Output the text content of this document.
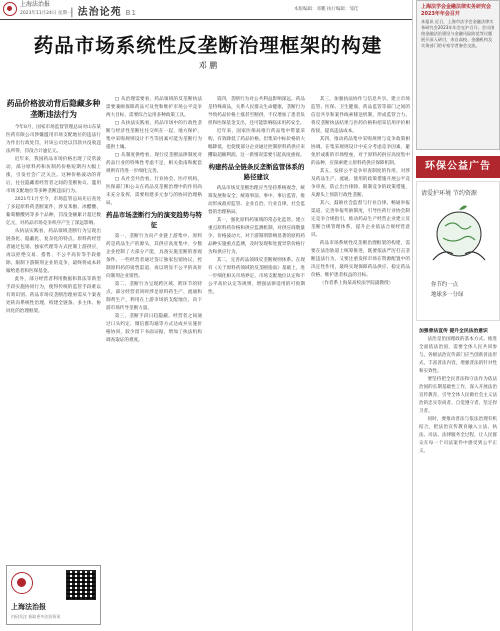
上海法治报
2023年11月24日 星期一
| 法治论苑 B1	本版编辑：邓鹏 执行编辑：邹佳
药品市场系统性反垄断治理框架的构建
邓 鹏
药品价格波动背后隐藏多种垄断违法行为

今年8月，国家市场监督管理总局对山东某医药有限公司涉嫌滥用市场支配地位的违法行为作出行政处罚，对该公司处以罚款并没收违法所得，罚没合计逾亿元。

近年来，我国药品市场价格出现了反常波动，部分原料药和仿制药价格短期内大幅上涨，引发社会广泛关注。这种价格波动的背后，往往隐藏着经营者之间的垄断协议、滥用市场支配地位等多种垄断违法行为。

2021年1月至今，市场监管总局先后查处了多起原料药垄断案件，涉及苯酚、冰醋酸、葡萄糖酸钙等多个品种，罚没金额累计超过数亿元，对药品市场竞争秩序产生了深远影响。

从执法实践看，药品领域垄断行为呈现出链条化、隐蔽化、复杂化的特点。原料药经营者通过包销、独家代理等方式控制上游供应，再以拒绝交易、搭售、不公平高价等手段排除、限制下游制剂企业的竞争，最终将成本转嫁给患者和医保基金。

此外，部分经营者利用数据和算法等新型手段实施协同行为，使得传统的监管手段难以有效识别。药品市场反垄断治理亟需从个案查处转向系统性治理，构建全链条、多主体、协同化的治理框架。

上海法治报
扫码关注 获取更多法治资讯

□ 从治理需要看，药品领域的反垄断执法需要兼顾保障药品可及性和维护市场公平竞争两大目标，需要综合运用多种政策工具。

□ 从执法实践看，药品市场中的行政性垄断与经济性垄断往往交织在一起，地方保护、集中采购规则设计不当等因素可能为垄断行为提供土壤。

□ 从制度供给看，现行反垄断法律制度对药品行业的特殊性考虑不足，相关指南和配套规则有待进一步细化完善。

□ 从社会共治看，行业协会、医疗机构、医保部门和公众在药品反垄断治理中的作用尚未充分发挥，需要构建多元参与的协同治理格局。

药品市场垄断行为的演变趋势与特征

第一，垄断行为向产业链上游集中。原料药是药品生产的源头，其供应高度集中，少数企业控制了大部分产能，具备实施垄断的客观条件。一些经营者通过签订独家包销协议，控制原料药的销售渠道，再以明显不公平的高价向制剂企业销售。

第二，垄断行为呈现跨区域、跨环节的特点。部分经营者同时涉足原料药生产、流通和制剂生产，利用在上游市场的支配地位，向下游市场传导垄断力量。

第三，垄断手段日趋隐蔽。经营者之间通过口头约定、微信群沟通等方式达成并实施价格协同，较少留下书面证据，增加了执法机构调查取证的难度。

第四，垄断行为对公共利益影响深远。药品是特殊商品，关系人民群众生命健康，垄断行为导致药品价格上涨甚至断供，不仅增加了患者负担和医保基金支出，还可能影响临床用药安全。

近年来，国家医保局推行药品集中带量采购，有效降低了药品价格。但集采中标价格的大幅降低，也促使部分企业通过控制原料药供应来攫取超额利润，这一新情况需要引起高度重视。

构建药品全链条反垄断监管体系的路径建议

药品市场反垄断治理应当坚持系统观念，统筹发展和安全，统筹事前、事中、事后监管，推动形成政府监管、企业自治、行业自律、社会监督的治理格局。

其一，强化原料药领域的常态化监管。建立重点原料药价格和供应监测机制，对供应商数量少、价格波动大、对下游制剂影响显著的原料药品种实施重点监测，及时发现和处置异常价格行为和供应行为。

其二，完善药品领域反垄断规则体系。在现有《关于原料药领域的反垄断指南》基础上，进一步细化相关市场界定、市场支配地位认定和不公平高价认定等规则，增强法律适用的可预期性。

其三，加强执法协作与信息共享。建立市场监管、医保、卫生健康、药品监管等部门之间的信息共享和案件线索移送机制，形成监管合力。将反垄断执法结果与医药价格和招采信用评价相衔接，提高违法成本。

其四，推动药品集中采购规则与竞争政策相协调。在集采规则设计中充分考虑竞争因素，避免形成新的市场壁垒，对于原料药供应高度集中的品种，应探索建立原料药供应保障机制。

其五，发挥公平竞争审查制度的作用。对涉及药品生产、流通、使用的政策措施开展公平竞争审查，防止出台排除、限制竞争的政策措施，从源头上预防行政性垄断。

其六，鼓励社会监督与行业自律。畅通举报渠道，完善举报奖励制度，引导医药行业协会制定竞争合规指引，推动药品生产经营企业建立反垄断合规管理体系，提升企业依法合规经营意识。

药品市场系统性反垄断治理框架的构建，需要在法治轨道上统筹推进，既要依法严厉打击垄断违法行为，又要注重发挥市场在资源配置中的决定性作用，最终实现保障药品供应、稳定药品价格、维护患者权益的目标。

（作者系上海某高校法学院副教授）

上海法学会金融法律实务研究会2023年年会召开
本报讯 近日，上海市法学会金融法律实务研究会2023年年会在沪召开。会议围绕金融法治建设与金融风险防范等议题展开深入研讨，来自高校、金融机构及实务部门的专家学者参会交流。
环保公益广告
请爱护环境 节约资源
你节约一点
地球多一分绿
加强普法宣传 提升全民法治意识

法治是治国理政的基本方式。推进全面依法治国，需要全体人民共同参与。各级法治宣传部门应当创新普法形式，丰富普法内容，增强普法的针对性和实效性。

要坚持把全民普法和守法作为依法治国的长期基础性工作，深入开展法治宣传教育，引导全体人民做社会主义法治的忠实崇尚者、自觉遵守者、坚定捍卫者。

同时，要推动普法与依法治理有机结合，把法治宣传教育融入立法、执法、司法、法律服务全过程，让人民群众在每一个司法案件中感受到公平正义。
